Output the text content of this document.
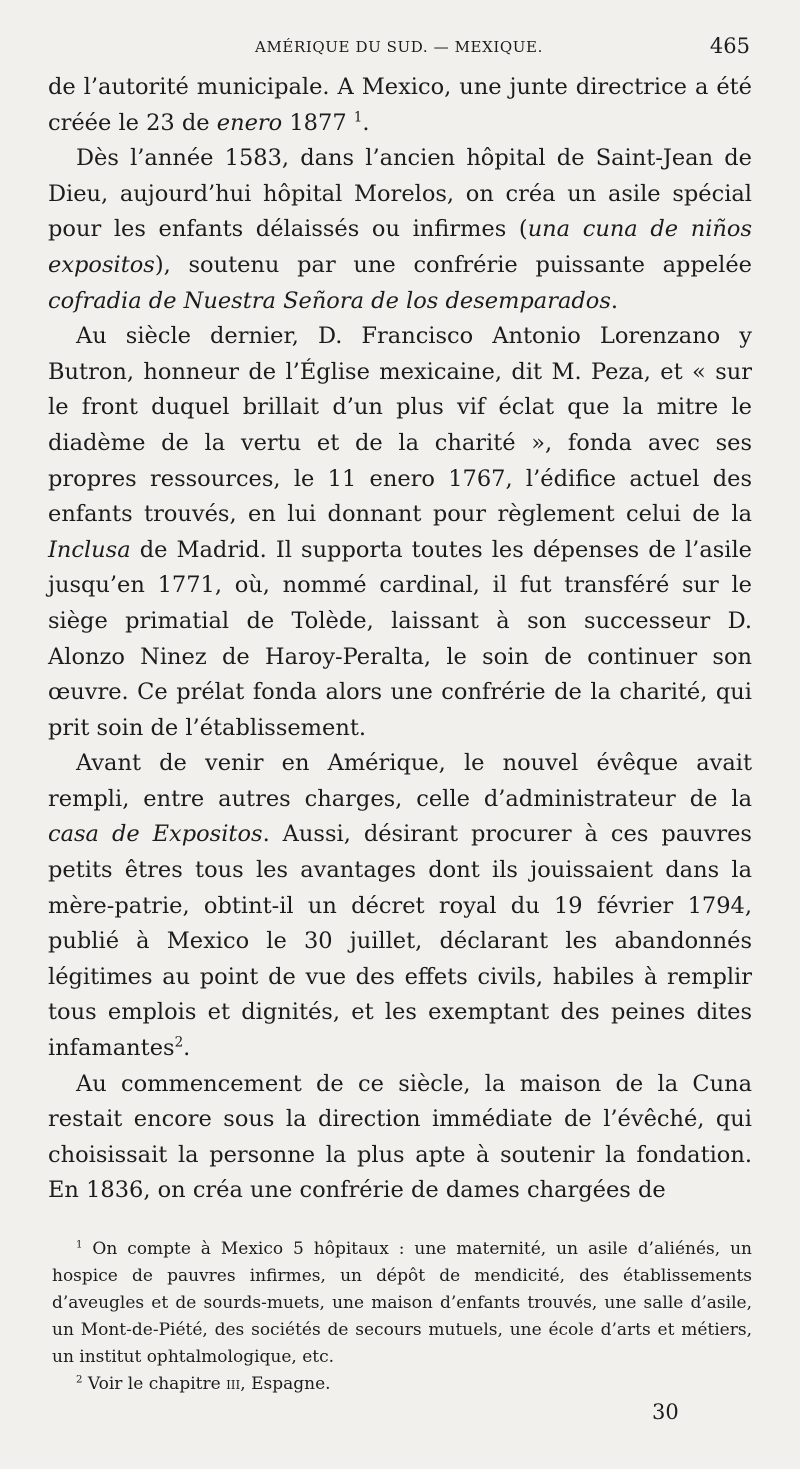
AMÉRIQUE DU SUD. — MEXIQUE.	465

de l’autorité municipale. A Mexico, une junte directrice a été créée le 23 de enero 1877 $^1$.

Dès l’année 1583, dans l’ancien hôpital de Saint-Jean de Dieu, aujourd’hui hôpital Morelos, on créa un asile spécial pour les enfants délaissés ou infirmes (una cuna de niños expositos), soutenu par une confrérie puissante appelée cofradia de Nuestra Señora de los desemparados.

Au siècle dernier, D. Francisco Antonio Lorenzano y Butron, honneur de l’Église mexicaine, dit M. Peza, et « sur le front duquel brillait d’un plus vif éclat que la mitre le diadème de la vertu et de la charité », fonda avec ses propres ressources, le 11 enero 1767, l’édifice actuel des enfants trouvés, en lui donnant pour règlement celui de la Inclusa de Madrid. Il supporta toutes les dépenses de l’asile jusqu’en 1771, où, nommé cardinal, il fut transféré sur le siège primatial de Tolède, laissant à son successeur D. Alonzo Ninez de Haroy-Peralta, le soin de continuer son œuvre. Ce prélat fonda alors une confrérie de la charité, qui prit soin de l’établissement.

Avant de venir en Amérique, le nouvel évêque avait rempli, entre autres charges, celle d’administrateur de la casa de Expositos. Aussi, désirant procurer à ces pauvres petits êtres tous les avantages dont ils jouissaient dans la mère-patrie, obtint-il un décret royal du 19 février 1794, publié à Mexico le 30 juillet, déclarant les abandonnés légitimes au point de vue des effets civils, habiles à remplir tous emplois et dignités, et les exemptant des peines dites infamantes$^2$.

Au commencement de ce siècle, la maison de la Cuna restait encore sous la direction immédiate de l’évêché, qui choisissait la personne la plus apte à soutenir la fondation. En 1836, on créa une confrérie de dames chargées de

$^1$ On compte à Mexico 5 hôpitaux : une maternité, un asile d’aliénés, un hospice de pauvres infirmes, un dépôt de mendicité, des établissements d’aveugles et de sourds-muets, une maison d’enfants trouvés, une salle d’asile, un Mont-de-Piété, des sociétés de secours mutuels, une école d’arts et métiers, un institut ophtalmologique, etc.

$^2$ Voir le chapitre iii, Espagne.

30
